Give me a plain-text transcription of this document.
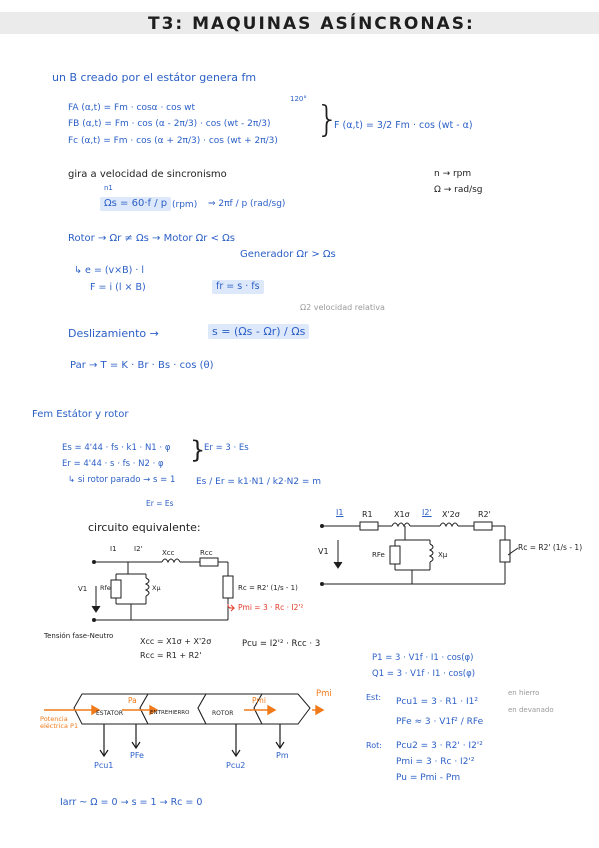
T3: MAQUINAS ASÍNCRONAS:
un B creado por el estátor genera fm
FA (α,t) = Fm · cosα · cos wt
FB (α,t) = Fm · cos (α - 2π/3) · cos (wt - 2π/3)
Fc (α,t) = Fm · cos (α + 2π/3) · cos (wt + 2π/3)
120° }
F (α,t) = 3/2 Fm · cos (wt - α)
gira a velocidad de sincronismo
n1
Ωs = 60·f / p (rpm) ⇒ 2πf / p (rad/sg)
n → rpm
Ω → rad/sg
Rotor → Ωr ≠ Ωs → Motor Ωr < Ωs
Generador Ωr > Ωs
↳ e = (v×B) · l
F = i (l × B)	fr = s · fs
Deslizamiento →	s = (Ωs - Ωr) / Ωs
Ω2 velocidad relativa
Par → T = K · Br · Bs · cos (θ)
Fem Estátor y rotor
Es = 4'44 · fs · k1 · N1 · φ
Er = 4'44 · s · fs · N2 · φ }
Er = 3 · Es
↳ si rotor parado → s = 1
Er = Es
Es / Er = k1·N1 / k2·N2 = m
circuito equivalente:
I1 R1	X1σ I2' X'2σ R2'
V1	RFe	Xμ
Rc = R2' (1/s - 1)
I1 I2'	Xcc	Rcc
V1 Rfe	Xμ	Rc = R2' (1/s - 1)
Pmi = 3 · Rc · I2'²
Tensión fase-Neutro
Xcc = X1σ + X'2σ
Rcc = R1 + R2'
Pcu = I2'² · Rcc · 3
P1 = 3 · V1f · I1 · cos(φ)
Q1 = 3 · V1f · I1 · cos(φ)
Est: Pcu1 = 3 · R1 · I1²
en hierro
en devanado
PFe ≈ 3 · V1f² / RFe
Rot: Pcu2 = 3 · R2' · I2'²
Pmi = 3 · Rc · I2'²
Pu = Pmi - Pm
Potencia eléctrica P1
ESTATOR	ENTREHIERRO	ROTOR
Pa	Pmi
Pmi
Pcu1
PFe
Pcu2
Pm
Iarr ~ Ω = 0 → s = 1 → Rc = 0
